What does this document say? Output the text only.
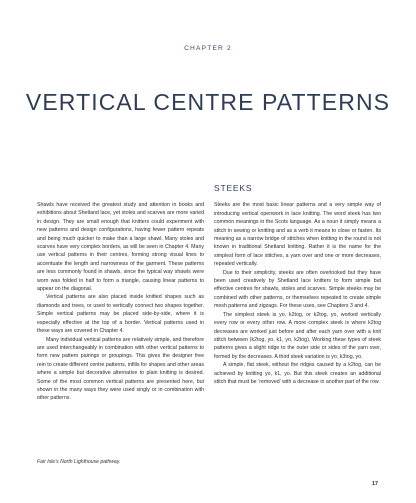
CHAPTER 2
VERTICAL CENTRE PATTERNS

Shawls have received the greatest study and attention in books and exhibitions about Shetland lace, yet stoles and scarves are more varied in design. They are small enough that knitters could experiment with new patterns and design configurations, having fewer pattern repeats and being much quicker to make than a large shawl. Many stoles and scarves have very complex borders, as will be seen in Chapter 4. Many use vertical patterns in their centres, forming strong visual lines to accentuate the length and narrowness of the garment. These patterns are less commonly found in shawls, since the typical way shawls were worn was folded in half to form a triangle, causing linear patterns to appear on the diagonal.

Vertical patterns are also placed inside knitted shapes such as diamonds and trees, or used to vertically connect two shapes together. Simple vertical patterns may be placed side-by-side, where it is especially effective at the top of a border. Vertical patterns used in these ways are covered in Chapter 4.

Many individual vertical patterns are relatively simple, and therefore are used interchangeably in combination with other vertical patterns to form new pattern pairings or groupings. This gives the designer free rein to create different centre patterns, infills for shapes and other areas where a simple but decorative alternative to plain knitting is desired. Some of the most common vertical patterns are presented here, but shown in the many ways they were used singly or in combination with other patterns.

STEEKS

Steeks are the most basic linear patterns and a very simple way of introducing vertical openwork in lace knitting. The word steek has two common meanings in the Scots language. As a noun it simply means a stitch in sewing or knitting and as a verb it means to close or fasten. Its meaning as a narrow bridge of stitches when knitting in the round is not known in traditional Shetland knitting. Rather it is the name for the simplest form of lace stitches, a yarn over and one or more decreases, repeated vertically.

Due to their simplicity, steeks are often overlooked but they have been used creatively by Shetland lace knitters to form simple but effective centres for shawls, stoles and scarves. Simple steeks may be combined with other patterns, or themselves repeated to create simple mesh patterns and zigzags. For these uses, see Chapters 3 and 4.

The simplest steek is yo, k2tog, or k2tog, yo, worked vertically every row or every other row. A more complex steek is where k2tog decreases are worked just before and after each yarn over with a knit stitch between (k2tog, yo, k1, yo, k2tog). Working these types of steek patterns gives a slight ridge to the outer side or sides of the yarn over, formed by the decreases. A third steek variation is yo, k3tog, yo.

A simple, flat steek, without the ridges caused by a k2tog, can be achieved by knitting yo, k1, yo. But this steek creates an additional stitch that must be ‘removed’ with a decrease in another part of the row.

Fair Isle’s North Lighthouse pathway.
17
